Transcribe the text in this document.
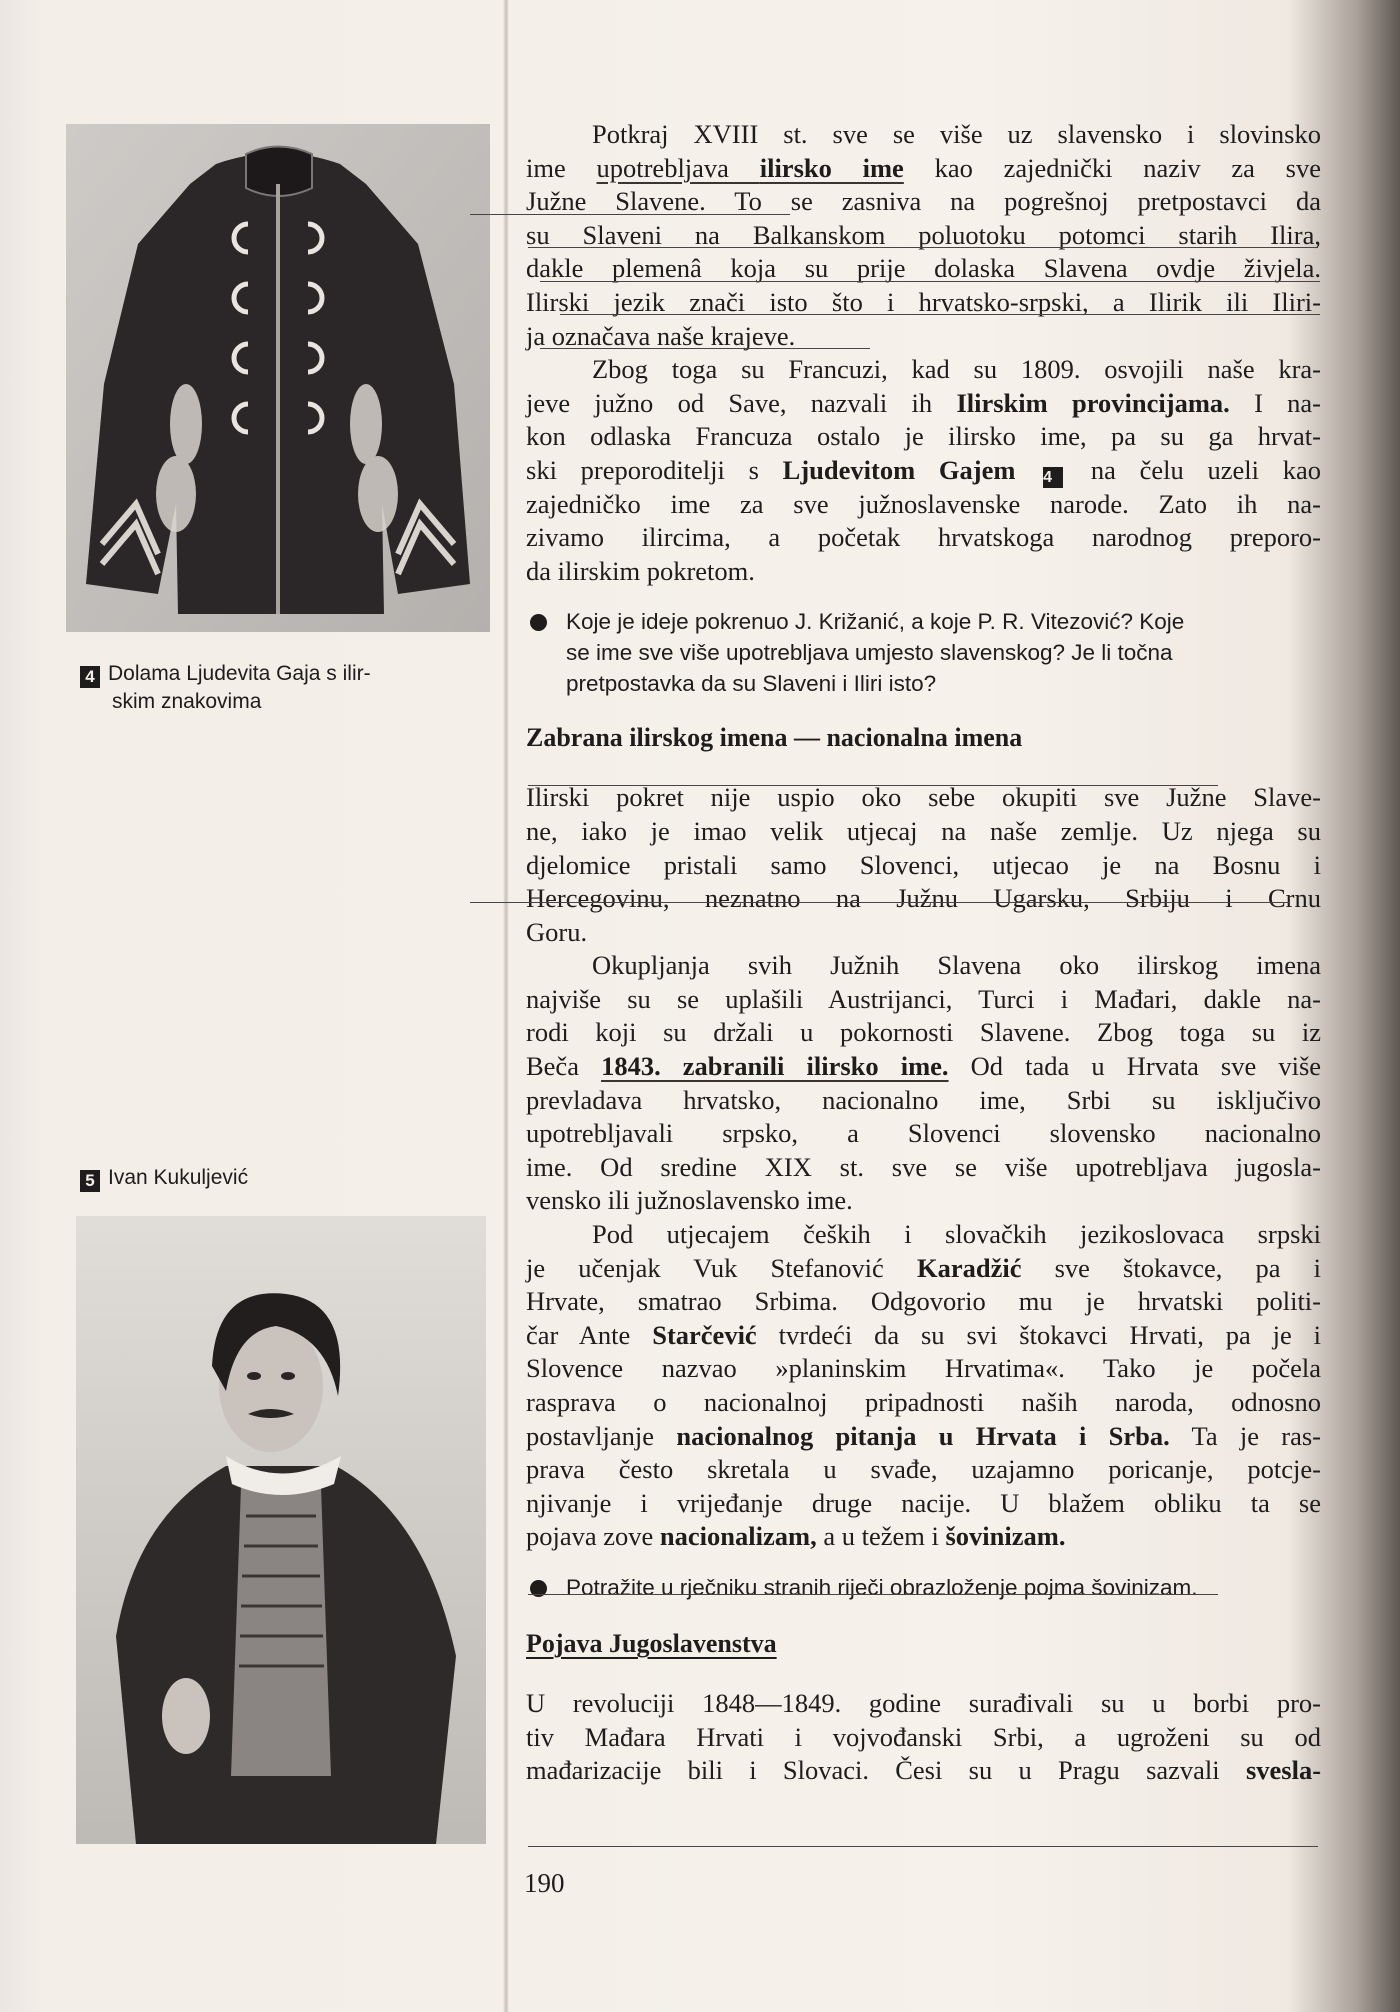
4 Dolama Ljudevita Gaja s ilir-
skim znakovima
5 Ivan Kukuljević
Potkraj XVIII st. sve se više uz slavensko i slovinsko
ime upotrebljava ilirsko ime kao zajednički naziv za sve
Južne Slavene. To se zasniva na pogrešnoj pretpostavci da
su Slaveni na Balkanskom poluotoku potomci starih Ilira,
dakle plemenâ koja su prije dolaska Slavena ovdje živjela.
Ilirski jezik znači isto što i hrvatsko-srpski, a Ilirik ili Iliri-
ja označava naše krajeve.
Zbog toga su Francuzi, kad su 1809. osvojili naše kra-
jeve južno od Save, nazvali ih Ilirskim provincijama. I na-
kon odlaska Francuza ostalo je ilirsko ime, pa su ga hrvat-
ski preporoditelji s Ljudevitom Gajem 4 na čelu uzeli kao
zajedničko ime za sve južnoslavenske narode. Zato ih na-
zivamo ilircima, a početak hrvatskoga narodnog preporo-
da ilirskim pokretom.
Koje je ideje pokrenuo J. Križanić, a koje P. R. Vitezović? Koje
se ime sve više upotrebljava umjesto slavenskog? Je li točna
pretpostavka da su Slaveni i Iliri isto?

Zabrana ilirskog imena — nacionalna imena

Ilirski pokret nije uspio oko sebe okupiti sve Južne Slave-
ne, iako je imao velik utjecaj na naše zemlje. Uz njega su
djelomice pristali samo Slovenci, utjecao je na Bosnu i
Hercegovinu, neznatno na Južnu Ugarsku, Srbiju i Crnu
Goru.
Okupljanja svih Južnih Slavena oko ilirskog imena
najviše su se uplašili Austrijanci, Turci i Mađari, dakle na-
rodi koji su držali u pokornosti Slavene. Zbog toga su iz
Beča 1843. zabranili ilirsko ime. Od tada u Hrvata sve više
prevladava hrvatsko, nacionalno ime, Srbi su isključivo
upotrebljavali srpsko, a Slovenci slovensko nacionalno
ime. Od sredine XIX st. sve se više upotrebljava jugosla-
vensko ili južnoslavensko ime.
Pod utjecajem čeških i slovačkih jezikoslovaca srpski
je učenjak Vuk Stefanović Karadžić sve štokavce, pa i
Hrvate, smatrao Srbima. Odgovorio mu je hrvatski politi-
čar Ante Starčević tvrdeći da su svi štokavci Hrvati, pa je i
Slovence nazvao »planinskim Hrvatima«. Tako je počela
rasprava o nacionalnoj pripadnosti naših naroda, odnosno
postavljanje nacionalnog pitanja u Hrvata i Srba. Ta je ras-
prava često skretala u svađe, uzajamno poricanje, potcje-
njivanje i vrijeđanje druge nacije. U blažem obliku ta se
pojava zove nacionalizam, a u težem i šovinizam.
Potražite u rječniku stranih riječi obrazloženje pojma šovinizam.

Pojava Jugoslavenstva

U revoluciji 1848—1849. godine surađivali su u borbi pro-
tiv Mađara Hrvati i vojvođanski Srbi, a ugroženi su od
mađarizacije bili i Slovaci. Česi su u Pragu sazvali svesla-
190
